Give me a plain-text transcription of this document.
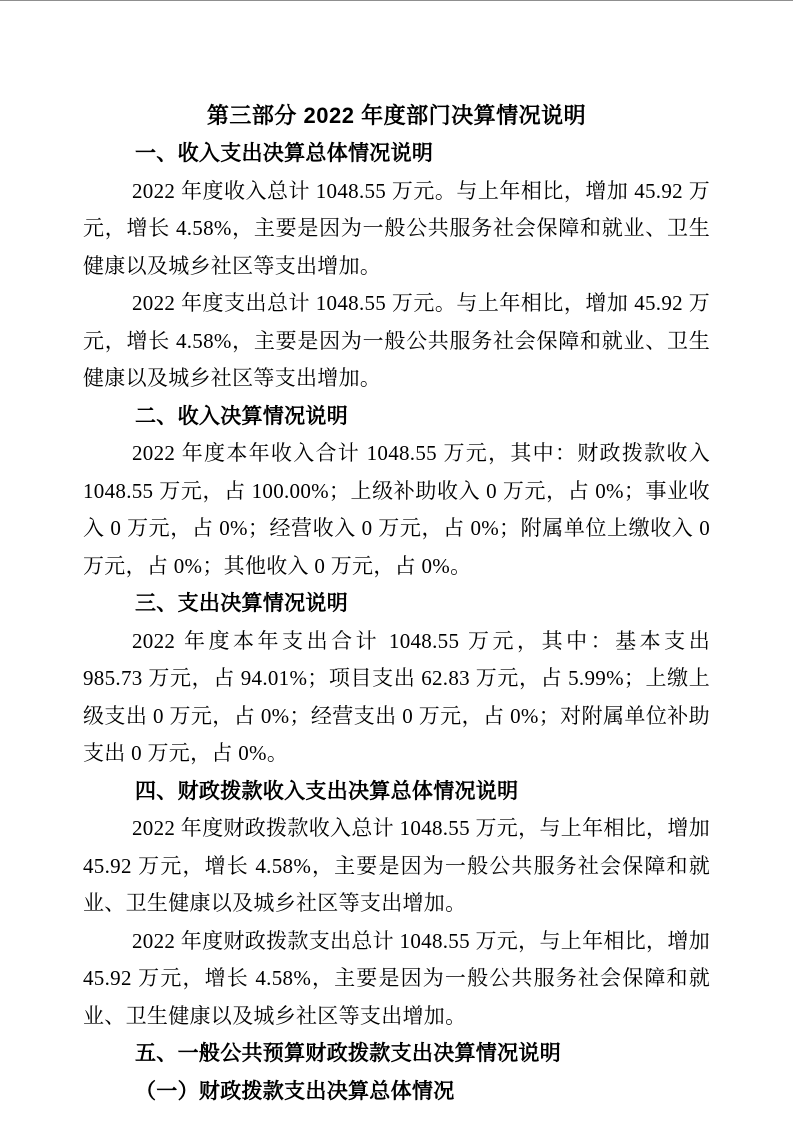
第三部分 2022 年度部门决算情况说明
一、收入支出决算总体情况说明

2022 年度收入总计 1048.55 万元。与上年相比，增加 45.92 万元，增长 4.58%，主要是因为一般公共服务社会保障和就业、卫生健康以及城乡社区等支出增加。

2022 年度支出总计 1048.55 万元。与上年相比，增加 45.92 万元，增长 4.58%，主要是因为一般公共服务社会保障和就业、卫生健康以及城乡社区等支出增加。

二、收入决算情况说明

2022 年度本年收入合计 1048.55 万元，其中：财政拨款收入 1048.55 万元，占 100.00%；上级补助收入 0 万元，占 0%；事业收入 0 万元，占 0%；经营收入 0 万元，占 0%；附属单位上缴收入 0 万元，占 0%；其他收入 0 万元，占 0%。

三、支出决算情况说明

2022 年度本年支出合计 1048.55 万元，其中：基本支出 985.73 万元，占 94.01%；项目支出 62.83 万元，占 5.99%；上缴上级支出 0 万元，占 0%；经营支出 0 万元，占 0%；对附属单位补助支出 0 万元，占 0%。

四、财政拨款收入支出决算总体情况说明

2022 年度财政拨款收入总计 1048.55 万元，与上年相比，增加 45.92 万元，增长 4.58%，主要是因为一般公共服务社会保障和就业、卫生健康以及城乡社区等支出增加。

2022 年度财政拨款支出总计 1048.55 万元，与上年相比，增加 45.92 万元，增长 4.58%，主要是因为一般公共服务社会保障和就业、卫生健康以及城乡社区等支出增加。

五、一般公共预算财政拨款支出决算情况说明
（一）财政拨款支出决算总体情况
